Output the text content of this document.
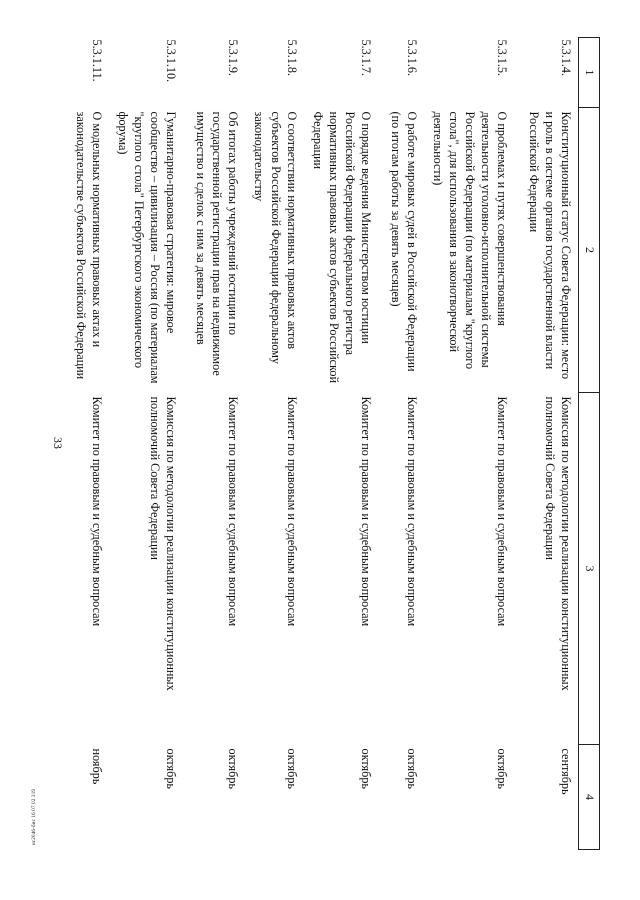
33
1	2	3	4
5.3.1.4.	Конституционный статус Совета Федерации: место и роль в системе органов государственной власти Российской Федерации	Комиссия по методологии реализации конституционных полномочий Совета Федерации	сентябрь
5.3.1.5.	О проблемах и путях совершенствования деятельности уголовно-исполнительной системы Российской Федерации (по материалам "круглого стола", для использования в законотворческой деятельности)	Комитет по правовым и судебным вопросам	октябрь
5.3.1.6.	О работе мировых судей в Российской Федерации (по итогам работы за девять месяцев)	Комитет по правовым и судебным вопросам	октябрь
5.3.1.7.	О порядке ведения Министерством юстиции Российской Федерации федерального регистра нормативных правовых актов субъектов Российской Федерации	Комитет по правовым и судебным вопросам	октябрь
5.3.1.8.	О соответствии нормативных правовых актов субъектов Российской Федерации федеральному законодательству	Комитет по правовым и судебным вопросам	октябрь
5.3.1.9.	Об итогах работы учреждений юстиции по государственной регистрации прав на недвижимое имущество и сделок с ним за девять месяцев	Комитет по правовым и судебным вопросам	октябрь
5.3.1.10.	Гуманитарно-правовая стратегия: мировое сообщество – цивилизация – Россия (по материалам "круглого стола" Петербургского экономического форума)	Комиссия по методологии реализации конституционных полномочий Совета Федерации	октябрь
5.3.1.11.	О модельных нормативных правовых актах и законодательстве субъектов Российской Федерации	Комитет по правовым и судебным вопросам	ноябрь
ис2046-бис 16 07 02 319
